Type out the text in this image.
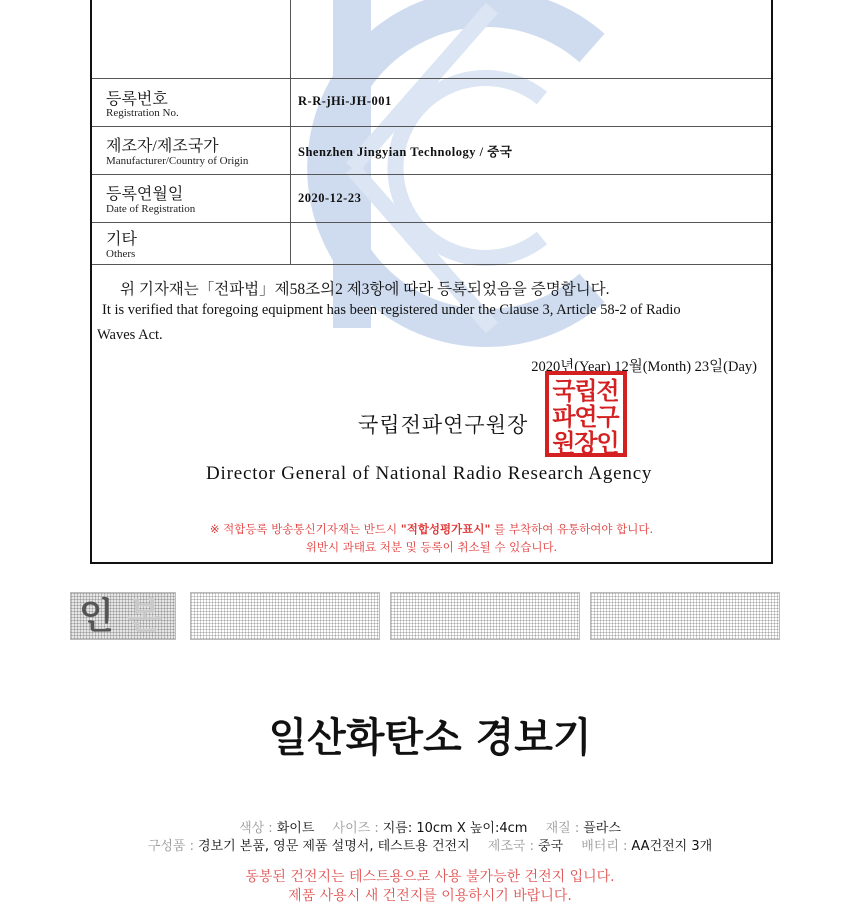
등록번호
Registration No.
R-R-jHi-JH-001
제조자/제조국가
Manufacturer/Country of Origin
Shenzhen Jingyian Technology / 중국
등록연월일
Date of Registration
2020-12-23
기타
Others
위 기자재는「전파법」제58조의2 제3항에 따라 등록되었음을 증명합니다.
It is verified that foregoing equipment has been registered under the Clause 3, Article 58-2 of Radio
Waves Act.
2020년(Year) 12월(Month) 23일(Day)
국립전파연구원장
국
립
전
파
연
구
원
장
인
Director General of National Radio Research Agency
※ 적합등록 방송통신기자재는 반드시 "적합성평가표시" 를 부착하여 유통하여야 합니다.
위반시 과태료 처분 및 등록이 취소될 수 있습니다.
인 본
일산화탄소 경보기
색상 : 화이트 사이즈 : 지름: 10cm X 높이:4cm 재질 : 플라스
구성품 : 경보기 본품, 영문 제품 설명서, 테스트용 건전지 제조국 : 중국 배터리 : AA건전지 3개
동봉된 건전지는 테스트용으로 사용 불가능한 건전지 입니다.
제품 사용시 새 건전지를 이용하시기 바랍니다.
